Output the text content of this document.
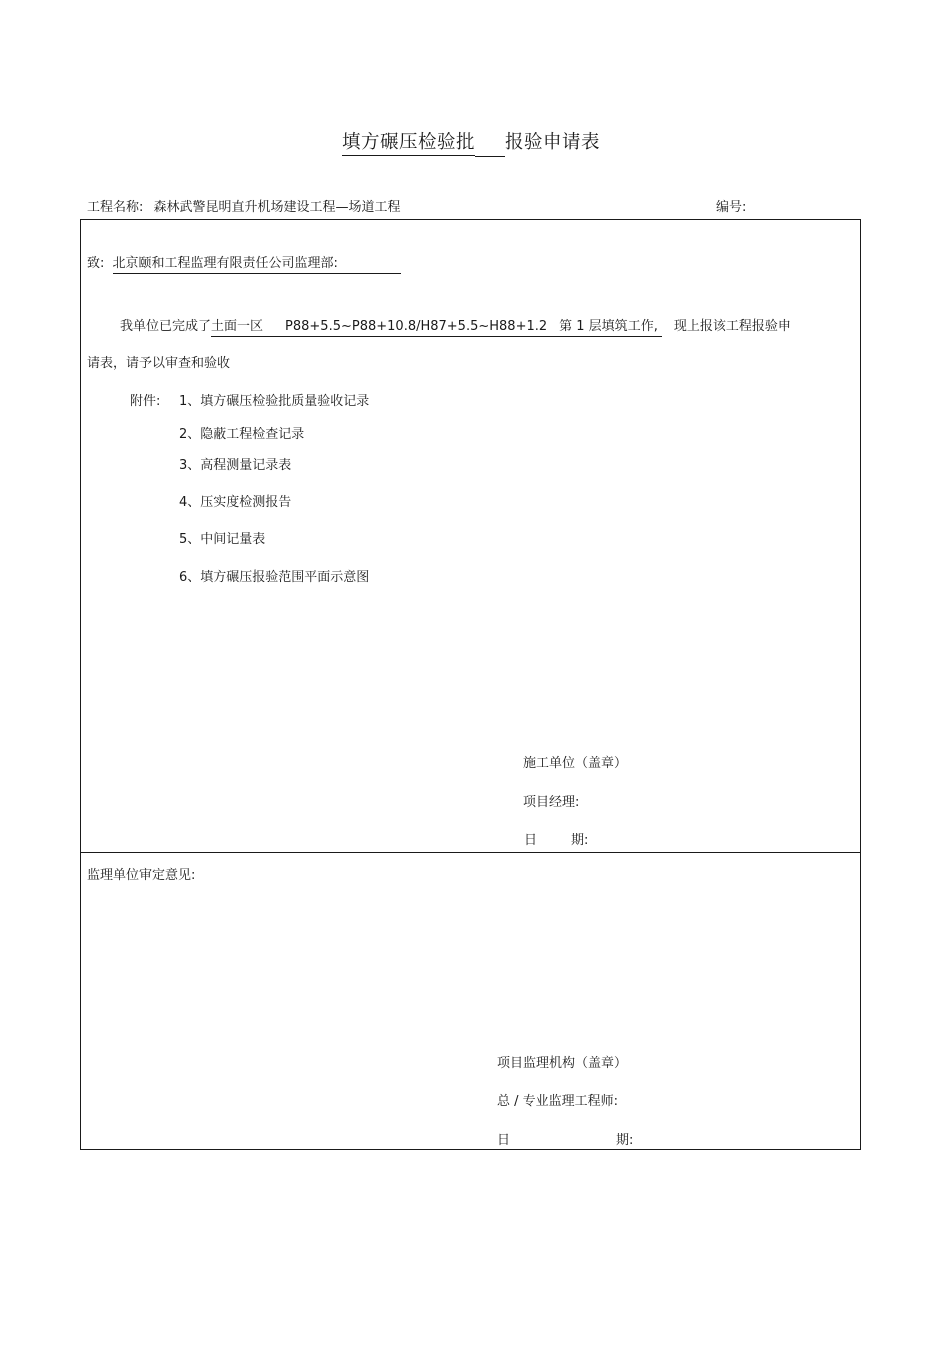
填方碾压检验批 报验申请表
工程名称: 森林武警昆明直升机场建设工程—场道工程	编号:
致: 北京颐和工程监理有限责任公司监理部:
我单位已完成了土面一区 P88+5.5~P88+10.8/H87+5.5~H88+1.2 第 1 层填筑工作, 现上报该工程报验申
请表，请予以审查和验收
附件: 1、填方碾压检验批质量验收记录
2、隐蔽工程检查记录
3、高程测量记录表
4、压实度检测报告
5、中间记量表
6、填方碾压报验范围平面示意图
施工单位（盖章）
项目经理:
日	期:
监理单位审定意见:
项目监理机构（盖章）
总 / 专业监理工程师:
日	期:
